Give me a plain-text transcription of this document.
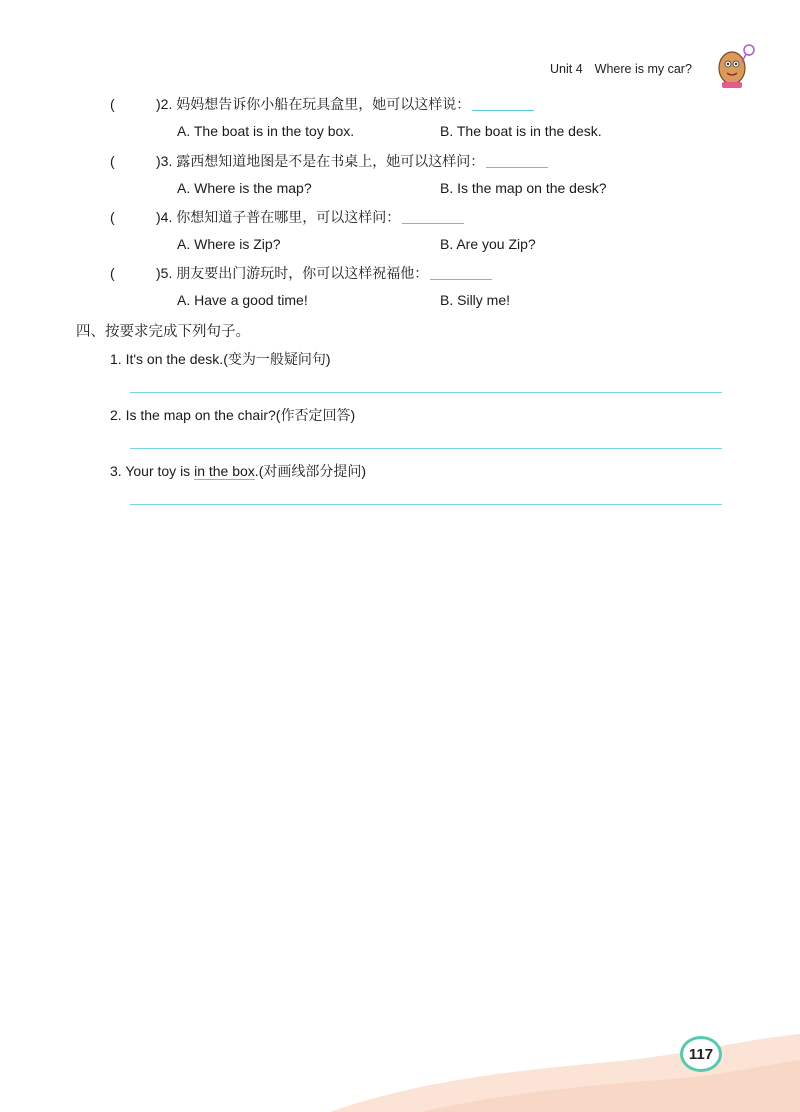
Unit 4 Where is my car?
(	)2. 妈妈想告诉你小船在玩具盒里，她可以这样说：
A. The boat is in the toy box.	B. The boat is in the desk.
(	)3. 露西想知道地图是不是在书桌上，她可以这样问：
A. Where is the map?	B. Is the map on the desk?
(	)4. 你想知道子普在哪里，可以这样问：
A. Where is Zip?	B. Are you Zip?
(	)5. 朋友要出门游玩时，你可以这样祝福他：
A. Have a good time!	B. Silly me!
四、按要求完成下列句子。
1. It's on the desk.(变为一般疑问句)
2. Is the map on the chair?(作否定回答)
3. Your toy is in the box.(对画线部分提问)
117
